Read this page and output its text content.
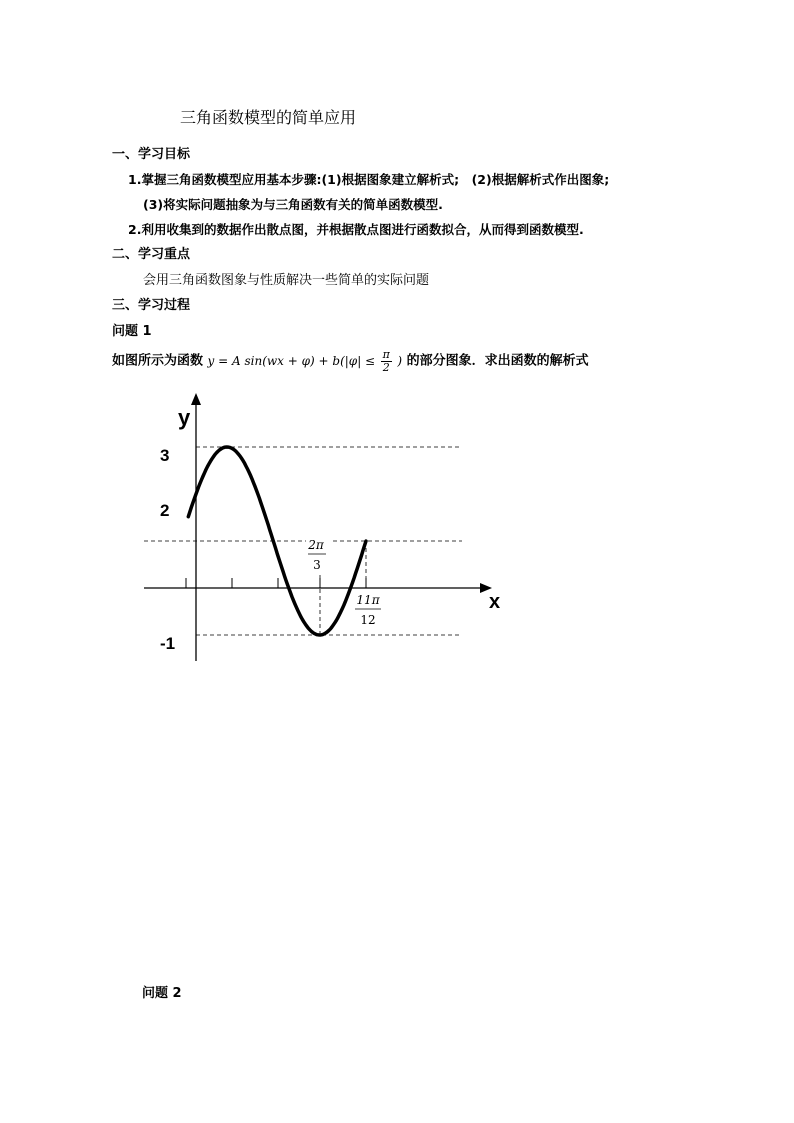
三角函数模型的简单应用
一、学习目标
1.掌握三角函数模型应用基本步骤:(1)根据图象建立解析式;　(2)根据解析式作出图象;
(3)将实际问题抽象为与三角函数有关的简单函数模型.
2.利用收集到的数据作出散点图，并根据散点图进行函数拟合，从而得到函数模型.
二、学习重点
会用三角函数图象与性质解决一些简单的实际问题
三、学习过程
问题 1
如图所示为函数 y = A $\sin(wx + \varphi) + b(|\varphi| \le \frac{\pi}{2}$ ) 的部分图象．求出函数的解析式
y
x
3
2
-1
2π
3
11π
12
问题 2
